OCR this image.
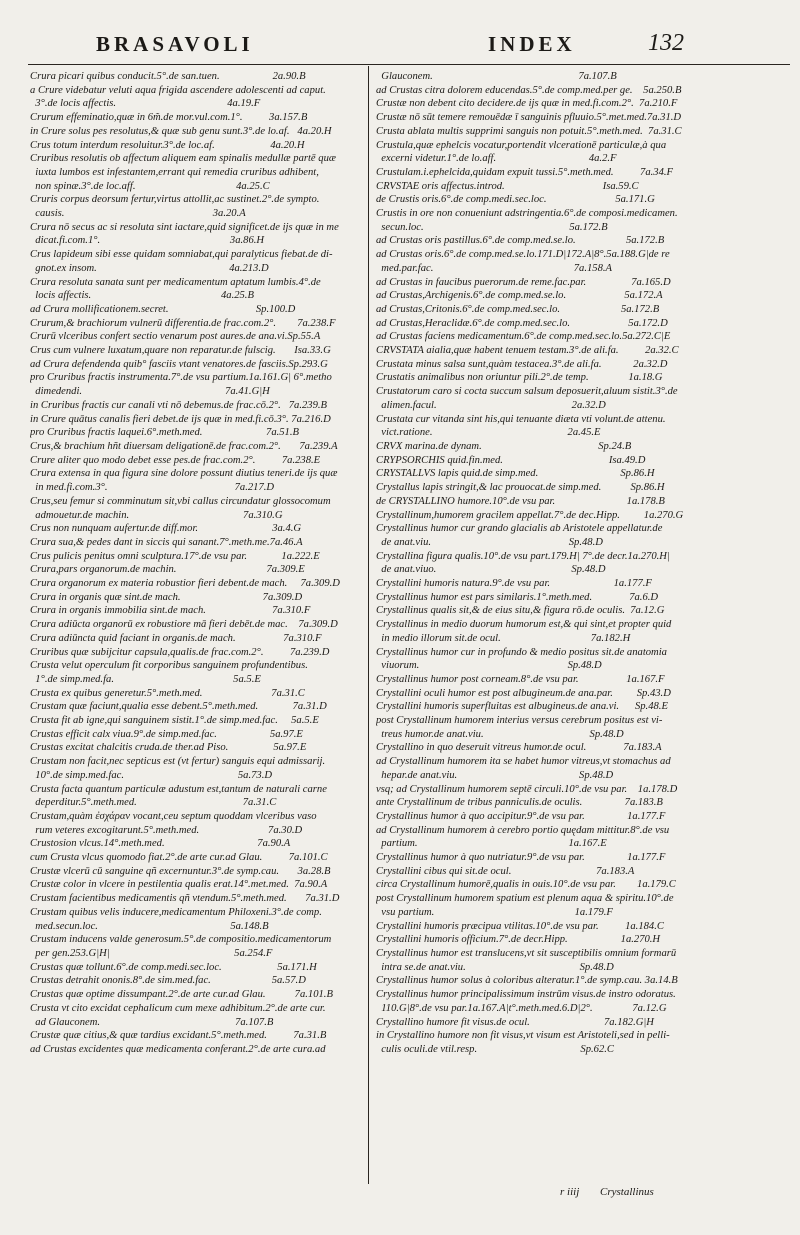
BRASAVOLI	INDEX	132
Crura picari quibus conducit.5°.de san.tuen.                    2a.90.B
a Crure videbatur veluti aqua frigida ascendere adolescenti ad caput.
3°.de locis affectis.                                          4a.19.F
Crurum effeminatio,quæ in 6m̃.de mor.vul.com.1°.          3a.157.B
in Crure solus pes resolutus,& quæ sub genu sunt.3°.de lo.af.   4a.20.H
Crus totum interdum resoluitur.3°.de loc.af.                     4a.20.H
Cruribus resolutis ob affectum aliquem eam spinalis medullæ partē quæ
iuxta lumbos est infestantem,errant qui remedia cruribus adhibent,
non spinæ.3°.de loc.aff.                                      4a.25.C
Cruris corpus deorsum fertur,virtus attollit,ac sustinet.2°.de sympto.
causis.                                                        3a.20.A
Crura nō secus ac si resoluta sint iactare,quid significet.de ijs quæ in me
dicat.fi.com.1°.                                                 3a.86.H
Crus lapideum sibi esse quidam somniabat,qui paralyticus fiebat.de di-
gnot.ex insom.                                                  4a.213.D
Crura resoluta sanata sunt per medicamentum aptatum lumbis.4°.de
locis affectis.                                                 4a.25.B
ad Crura mollificationem.secret.                                 Sp.100.D
Crurum,& brachiorum vulnerū differentia.de frac.com.2°.        7a.238.F
Crurū vlceribus confert sectio venarum post aures.de ana.vi.Sp.55.A
Crus cum vulnere luxatum,quare non reparatur.de fulscig.       Isa.33.G
ad Crura defendenda quib° fasciis vtant venatores.de fasciis.Sp.293.G
pro Cruribus fractis instrumenta.7°.de vsu partium.1a.161.G| 6°.metho
dimedendi.                                                      7a.41.G|H
in Cruribus fractis cur canali vti nō debemus.de frac.cō.2°.   7a.239.B
in Crure quātus canalis fieri debet.de ijs quæ in med.fi.cō.3°. 7a.216.D
pro Cruribus fractis laquei.6°.meth.med.                        7a.51.B
Crus,& brachium hñt diuersam deligationē.de frac.com.2°.       7a.239.A
Crure aliter quo modo debet esse pes.de frac.com.2°.          7a.238.E
Crura extensa in qua figura sine dolore possunt diutius teneri.de ijs quæ
in med.fi.com.3°.                                                7a.217.D
Crus,seu femur si comminutum sit,vbi callus circundatur glossocomum
admouetur.de machin.                                           7a.310.G
Crus non nunquam aufertur.de diff.mor.                            3a.4.G
Crura sua,& pedes dant in siccis qui sanant.7°.meth.me.7a.46.A
Crus pulicis penitus omni sculptura.17°.de vsu par.             1a.222.E
Crura,pars organorum.de machin.                                  7a.309.E
Crura organorum ex materia robustior fieri debent.de mach.     7a.309.D
Crura in organis quæ sint.de mach.                               7a.309.D
Crura in organis immobilia sint.de mach.                         7a.310.F
Crura adiūcta organorū ex robustiore mā fieri debēt.de mac.    7a.309.D
Crura adiūncta quid faciant in organis.de mach.                  7a.310.F
Cruribus quæ subijcitur capsula,qualis.de frac.com.2°.          7a.239.D
Crusta velut operculum fit corporibus sanguinem profundentibus.
1°.de simp.med.fa.                                             5a.5.E
Crusta ex quibus generetur.5°.meth.med.                          7a.31.C
Crustam quæ faciunt,qualia esse debent.5°.meth.med.             7a.31.D
Crusta fit ab igne,qui sanguinem sistit.1°.de simp.med.fac.     5a.5.E
Crustas efficit calx viua.9°.de simp.med.fac.                    5a.97.E
Crustas excitat chalcitis cruda.de ther.ad Piso.                 5a.97.E
Crustam non facit,nec septicus est (vt fertur) sanguis equi admissarij.
10°.de simp.med.fac.                                           5a.73.D
Crusta facta quantum particulæ adustum est,tantum de naturali carne
deperditur.5°.meth.med.                                        7a.31.C
Crustam,quàm ἐσχάραν vocant,ceu septum quoddam vlceribus vaso
rum veteres excogitarunt.5°.meth.med.                          7a.30.D
Crustosion vlcus.14°.meth.med.                                   7a.90.A
cum Crusta vlcus quomodo fiat.2°.de arte cur.ad Glau.          7a.101.C
Crustæ vlcerū cū sanguine qñ excernuntur.3°.de symp.cau.       3a.28.B
Crustæ color in vlcere in pestilentia qualis erat.14°.met.med.  7a.90.A
Crustam facientibus medicamentis qñ vtendum.5°.meth.med.       7a.31.D
Crustam quibus velis inducere,medicamentum Philoxeni.3°.de comp.
med.secun.loc.                                                  5a.148.B
Crustam inducens valde generosum.5°.de compositio.medicamentorum
per gen.253.G|H|                                               5a.254.F
Crustas quæ tollunt.6°.de comp.medi.sec.loc.                     5a.171.H
Crustas detrahit ononis.8°.de sim.med.fac.                       5a.57.D
Crustas quæ optime dissumpant.2°.de arte cur.ad Glau.           7a.101.B
Crusta vt cito excidat cephalicum cum mexe adhibitum.2°.de arte cur.
ad Glauconem.                                                   7a.107.B
Crustæ quæ citius,& quæ tardius excidant.5°.meth.med.          7a.31.B
ad Crustas excidentes quæ medicamenta conferant.2°.de arte cura.ad
Glauconem.                                                       7a.107.B
ad Crustas citra dolorem educendas.5°.de comp.med.per ge.    5a.250.B
Crustæ non debent cito decidere.de ijs quæ in med.fi.com.2°.  7a.210.F
Crustæ nō sūt temere remouēdæ ī sanguinis pfluuio.5°.met.med.7a.31.D
Crusta ablata multis supprimi sanguis non potuit.5°.meth.med.  7a.31.C
Crustula,quæ ephelcis vocatur,portendit vlcerationē particulæ,à qua
excerni videtur.1°.de lo.aff.                                   4a.2.F
Crustulam.i.ephelcida,quidam expuit tussi.5°.meth.med.          7a.34.F
CRVSTAE oris affectus.introd.                                     Isa.59.C
de Crustis oris.6°.de comp.medi.sec.loc.                          5a.171.G
Crustis in ore non conueniunt adstringentia.6°.de composi.medicamen.
secun.loc.                                                       5a.172.B
ad Crustas oris pastillus.6°.de comp.med.se.lo.                   5a.172.B
ad Crustas oris.6°.de comp.med.se.lo.171.D|172.A|8°.5a.188.G|de re
med.par.fac.                                                     7a.158.A
ad Crustas in faucibus puerorum.de reme.fac.par.                 7a.165.D
ad Crustas,Archigenis.6°.de comp.med.se.lo.                      5a.172.A
ad Crustas,Critonis.6°.de comp.med.sec.lo.                       5a.172.B
ad Crustas,Heraclidæ.6°.de comp.med.sec.lo.                      5a.172.D
ad Crustas faciens medicamentum.6°.de comp.med.sec.lo.5a.272.C|E
CRVSTATA aialia,quæ habent tenuem testam.3°.de ali.fa.          2a.32.C
Crustata minus salsa sunt,quàm testacea.3°.de ali.fa.            2a.32.D
Crustatis animalibus non oriuntur pili.2°.de temp.               1a.18.G
Crustatorum caro si cocta succum salsum deposuerit,aluum sistit.3°.de
alimen.facul.                                                   2a.32.D
Crustata cur vitanda sint his,qui tenuante diæta vti volunt.de attenu.
vict.ratione.                                                   2a.45.E
CRVX marina.de dynam.                                            Sp.24.B
CRYPSORCHIS quid.fin.med.                                        Isa.49.D
CRYSTALLVS lapis quid.de simp.med.                               Sp.86.H
Crystallus lapis stringit,& lac prouocat.de simp.med.           Sp.86.H
de CRYSTALLINO humore.10°.de vsu par.                           1a.178.B
Crystallinum,humorem gracilem appellat.7°.de dec.Hipp.         1a.270.G
Crystallinus humor cur grando glacialis ab Aristotele appellatur.de
de anat.viu.                                                    Sp.48.D
Crystallina figura qualis.10°.de vsu part.179.H| 7°.de decr.1a.270.H|
de anat.viuo.                                                   Sp.48.D
Crystallini humoris natura.9°.de vsu par.                        1a.177.F
Crystallinus humor est pars similaris.1°.meth.med.              7a.6.D
Crystallinus qualis sit,& de eius situ,& figura rō.de oculis.  7a.12.G
Crystallinus in medio duorum humorum est,& qui sint,et propter quid
in medio illorum sit.de ocul.                                  7a.182.H
Crystallinus humor cur in profundo & medio positus sit.de anatomia
viuorum.                                                        Sp.48.D
Crystallinus humor post corneam.8°.de vsu par.                  1a.167.F
Crystallini oculi humor est post albugineum.de ana.par.         Sp.43.D
Crystallini humoris superfluitas est albugineus.de ana.vi.      Sp.48.E
post Crystallinum humorem interius versus cerebrum positus est vi-
treus humor.de anat.viu.                                        Sp.48.D
Crystallino in quo deseruit vitreus humor.de ocul.              7a.183.A
ad Crystallinum humorem ita se habet humor vitreus,vt stomachus ad
hepar.de anat.viu.                                              Sp.48.D
vsq; ad Crystallinum humorem septē circuli.10°.de vsu par.    1a.178.D
ante Crystallinum de tribus panniculis.de oculis.                7a.183.B
Crystallinus humor à quo accipitur.9°.de vsu par.                1a.177.F
ad Crystallinum humorem à cerebro portio quędam mittitur.8°.de vsu
partium.                                                         1a.167.E
Crystallinus humor à quo nutriatur.9°.de vsu par.                1a.177.F
Crystallini cibus qui sit.de ocul.                                7a.183.A
circa Crystallinum humorē,qualis in ouis.10°.de vsu par.        1a.179.C
post Crystallinum humorem spatium est plenum aqua & spiritu.10°.de
vsu partium.                                                     1a.179.F
Crystallini humoris præcipua vtilitas.10°.de vsu par.          1a.184.C
Crystallini humoris officium.7°.de decr.Hipp.                    1a.270.H
Crystallinus humor est translucens,vt sit susceptibilis omnium formarū
intra se.de anat.viu.                                           Sp.48.D
Crystallinus humor solus à coloribus alteratur.1°.de symp.cau. 3a.14.B
Crystallinus humor principalissimum instrūm visus.de instro odoratus.
110.G|8°.de vsu par.1a.167.A|t°.meth.med.6.D|2°.               7a.12.G
Crystallino humore fit visus.de ocul.                            7a.182.G|H
in Crystallino humore non fit visus,vt visum est Aristoteli,sed in pelli-
culis oculi.de vtil.resp.                                       Sp.62.C
r iiij Crystallinus
